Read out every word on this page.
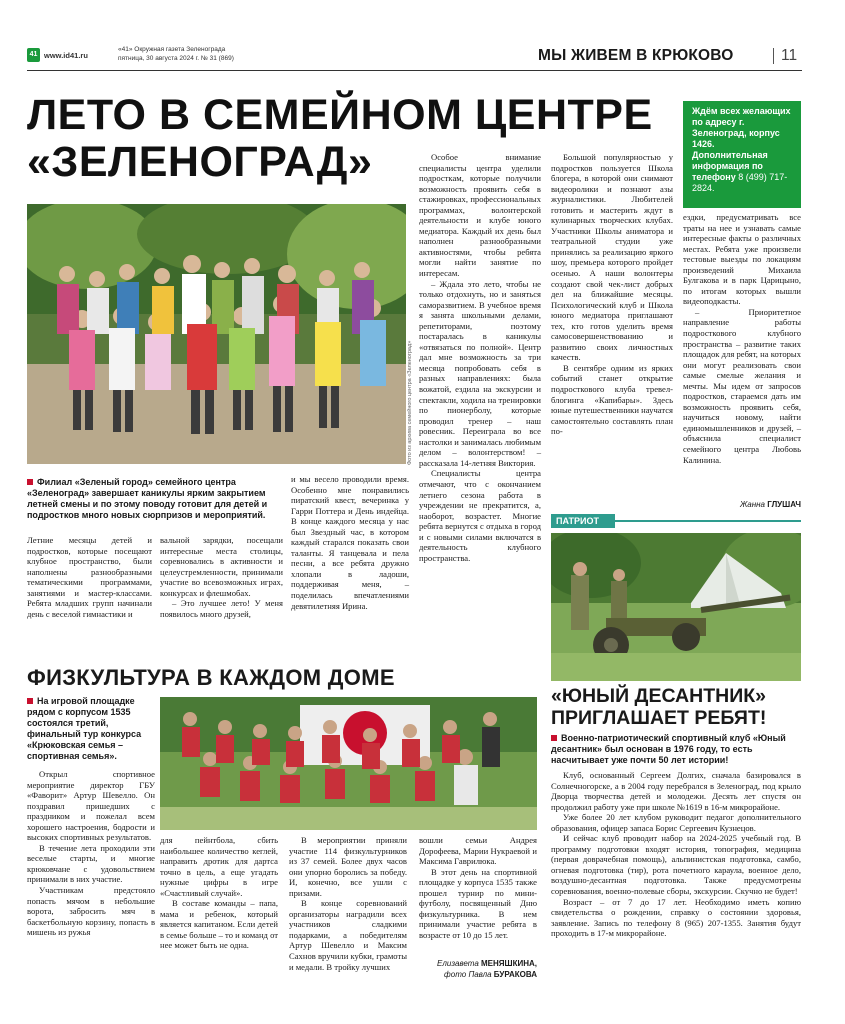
41 www.id41.ru
«41» Окружная газета Зеленограда
пятница, 30 августа 2024 г. № 31 (869)	МЫ ЖИВЕМ В КРЮКОВО	11
ЛЕТО В СЕМЕЙНОМ ЦЕНТРЕ
«ЗЕЛЕНОГРАД»
Ждём всех желающих по адресу г. Зеленоград, корпус 1426. Дополнительная информация по телефону 8 (499) 717-2824.
Фото из архива семейного центра «Зеленоград»
Филиал «Зеленый город» семейного центра «Зеленоград» завершает каникулы ярким закрытием летней смены и по этому поводу готовит для детей и подростков много новых сюрпризов и мероприятий.

Летние месяцы детей и подростков, которые посещают клубное пространство, были наполнены разнообразными тематическими программами, занятиями и мастер-классами. Ребята младших групп начинали день с веселой гимнастики и

вальной зарядки, посещали интересные места столицы, соревновались в активности и целеустремленности, принимали участие во всевозможных играх, конкурсах и флешмобах.

– Это лучшее лето! У меня появилось много друзей,

и мы весело проводили время. Особенно мне понравились пиратский квест, вечеринка у Гарри Поттера и День индейца. В конце каждого месяца у нас был Звездный час, в котором каждый старался показать свои таланты. Я танцевала и пела песни, а все ребята дружно хлопали в ладоши, поддерживая меня, – поделилась впечатлениями девятилетняя Ирина.

Особое внимание специалисты центра уделили подросткам, которые получили возможность проявить себя в стажировках, профессиональных программах, волонтерской деятельности и клубе юного медиатора. Каждый их день был наполнен разнообразными активностями, чтобы ребята могли найти занятие по интересам.

– Ждала это лето, чтобы не только отдохнуть, но и заняться саморазвитием. В учебное время я занята школьными делами, репетиторами, поэтому постаралась в каникулы «отвязаться по полной». Центр дал мне возможность за три месяца попробовать себя в разных направлениях: была вожатой, ездила на экскурсии и спектакли, ходила на тренировки по пионерболу, которые проводил тренер – наш ровесник. Переиграла во все настолки и занималась любимым делом – волонтерством! – рассказала 14-летняя Виктория.

Специалисты центра отмечают, что с окончанием летнего сезона работа в учреждении не прекратится, а, наоборот, возрастет. Многие ребята вернутся с отдыха в город и с новыми силами включатся в деятельность клубного пространства.

Большой популярностью у подростков пользуется Школа блогера, в которой они снимают видеоролики и познают азы журналистики. Любителей готовить и мастерить ждут в кулинарных творческих клубах. Участники Школы аниматора и театральной студии уже принялись за реализацию яркого шоу, премьера которого пройдет осенью. А наши волонтеры создают свой чек-лист добрых дел на ближайшие месяцы. Психологический клуб и Школа юного медиатора приглашают тех, кто готов уделить время самосовершенствованию и развитию своих личностных качеств.

В сентябре одним из ярких событий станет открытие подросткового клуба тревел-блогинга «Капибары». Здесь юные путешественники научатся самостоятельно составлять план по-

ездки, предусматривать все траты на нее и узнавать самые интересные факты о различных местах. Ребята уже произвели тестовые выезды по локациям произведений Михаила Булгакова и в парк Царицыно, по итогам которых вышли видеоподкасты.

– Приоритетное направление работы подросткового клубного пространства – развитие таких площадок для ребят, на которых они могут реализовать свои самые смелые желания и мечты. Мы идем от запросов подростков, стараемся дать им возможность проявить себя, научиться новому, найти единомышленников и друзей, – объяснила специалист семейного центра Любовь Калинина.

Жанна ГЛУШАЧ
ПАТРИОТ
«ЮНЫЙ ДЕСАНТНИК»
ПРИГЛАШАЕТ РЕБЯТ!
Военно-патриотический спортивный клуб «Юный десантник» был основан в 1976 году, то есть насчитывает уже почти 50 лет истории!

Клуб, основанный Сергеем Долгих, сначала базировался в Солнечногорске, а в 2004 году перебрался в Зеленоград, под крыло Дворца творчества детей и молодежи. Десять лет спустя он продолжил работу уже при школе №1619 в 16-м микрорайоне.

Уже более 20 лет клубом руководит педагог дополнительного образования, офицер запаса Борис Сергеевич Кузнецов.

И сейчас клуб проводит набор на 2024-2025 учебный год. В программу подготовки входят история, топография, медицина (первая доврачебная помощь), альпинистская подготовка, самбо, огневая подготовка (тир), рота почетного караула, военное дело, воздушно-десантная подготовка. Также предусмотрены соревнования, военно-полевые сборы, экскурсии. Скучно не будет!

Возраст – от 7 до 17 лет. Необходимо иметь копию свидетельства о рождении, справку о состоянии здоровья, заявление. Запись по телефону 8 (965) 207-1355. Занятия будут проходить в 17-м микрорайоне.

ФИЗКУЛЬТУРА В КАЖДОМ ДОМЕ
На игровой площадке рядом с корпусом 1535 состоялся третий, финальный тур конкурса «Крюковская семья – спортивная семья».

Открыл спортивное мероприятие директор ГБУ «Фаворит» Артур Шевелло. Он поздравил пришедших с праздником и пожелал всем хорошего настроения, бодрости и высоких спортивных результатов.

В течение лета проходили эти веселые старты, и многие крюковчане с удовольствием принимали в них участие.

Участникам предстояло попасть мячом в небольшие ворота, забросить мяч в баскетбольную корзину, попасть в мишень из ружья

для пейнтбола, сбить наибольшее количество кеглей, направить дротик для дартса точно в цель, а еще угадать нужные цифры в игре «Счастливый случай».

В составе команды – папа, мама и ребенок, который является капитаном. Если детей в семье больше – то и команд от нее может быть не одна.

В мероприятии приняли участие 114 физкультурников из 37 семей. Более двух часов они упорно боролись за победу. И, конечно, все ушли с призами.

В конце соревнований организаторы наградили всех участников сладкими подарками, а победителям Артур Шевелло и Максим Сахнов вручили кубки, грамоты и медали. В тройку лучших

вошли семьи Андрея Дорофеева, Марии Нукраевой и Максима Гаврилюка.

В этот день на спортивной площадке у корпуса 1535 также прошел турнир по мини-футболу, посвященный Дню физкультурника. В нем принимали участие ребята в возрасте от 10 до 15 лет.

Елизавета МЕНЯШКИНА,
фото Павла БУРАКОВА
